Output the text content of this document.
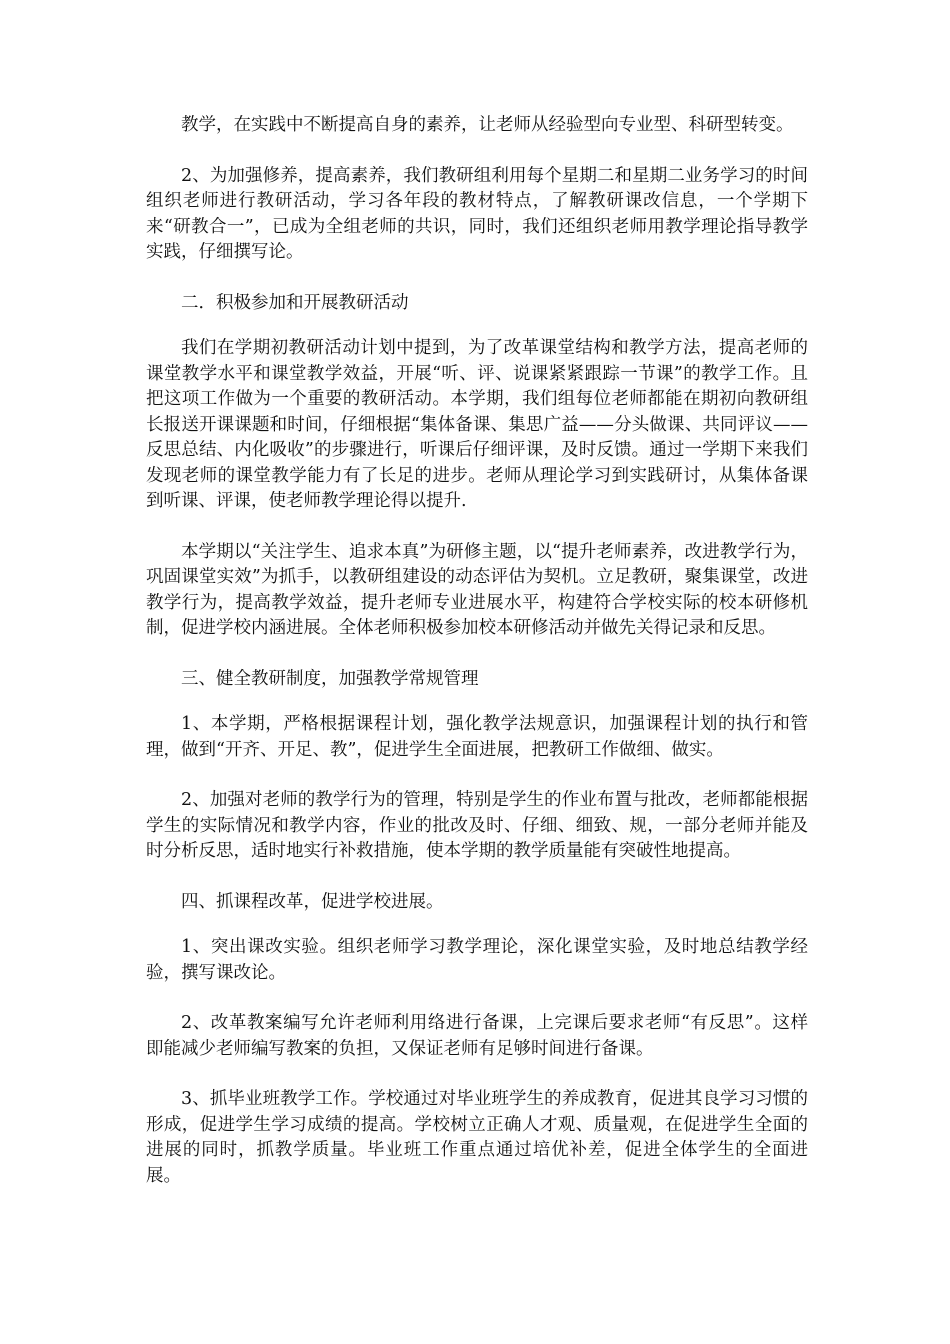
教学，在实践中不断提高自身的素养，让老师从经验型向专业型、科研型转变。

2、为加强修养，提高素养，我们教研组利用每个星期二和星期二业务学习的时间组织老师进行教研活动，学习各年段的教材特点，了解教研课改信息，一个学期下来“研教合一”，已成为全组老师的共识，同时，我们还组织老师用教学理论指导教学实践，仔细撰写论。

二．积极参加和开展教研活动

我们在学期初教研活动计划中提到，为了改革课堂结构和教学方法，提高老师的课堂教学水平和课堂教学效益，开展“听、评、说课紧紧跟踪一节课”的教学工作。且把这项工作做为一个重要的教研活动。本学期，我们组每位老师都能在期初向教研组长报送开课课题和时间，仔细根据“集体备课、集思广益——分头做课、共同评议——反思总结、内化吸收”的步骤进行，听课后仔细评课，及时反馈。通过一学期下来我们发现老师的课堂教学能力有了长足的进步。老师从理论学习到实践研讨，从集体备课到听课、评课，使老师教学理论得以提升.

本学期以“关注学生、追求本真”为研修主题，以“提升老师素养，改进教学行为，巩固课堂实效”为抓手，以教研组建设的动态评估为契机。立足教研，聚集课堂，改进教学行为，提高教学效益，提升老师专业进展水平，构建符合学校实际的校本研修机制，促进学校内涵进展。全体老师积极参加校本研修活动并做先关得记录和反思。

三、健全教研制度，加强教学常规管理

1、本学期，严格根据课程计划，强化教学法规意识，加强课程计划的执行和管理，做到“开齐、开足、教”，促进学生全面进展，把教研工作做细、做实。

2、加强对老师的教学行为的管理，特别是学生的作业布置与批改，老师都能根据学生的实际情况和教学内容，作业的批改及时、仔细、细致、规，一部分老师并能及时分析反思，适时地实行补救措施，使本学期的教学质量能有突破性地提高。

四、抓课程改革，促进学校进展。

1、突出课改实验。组织老师学习教学理论，深化课堂实验，及时地总结教学经验，撰写课改论。

2、改革教案编写允许老师利用络进行备课，上完课后要求老师“有反思”。这样 即能减少老师编写教案的负担，又保证老师有足够时间进行备课。

3、抓毕业班教学工作。学校通过对毕业班学生的养成教育，促进其良学习习惯的形成，促进学生学习成绩的提高。学校树立正确人才观、质量观，在促进学生全面的进展的同时，抓教学质量。毕业班工作重点通过培优补差，促进全体学生的全面进展。
